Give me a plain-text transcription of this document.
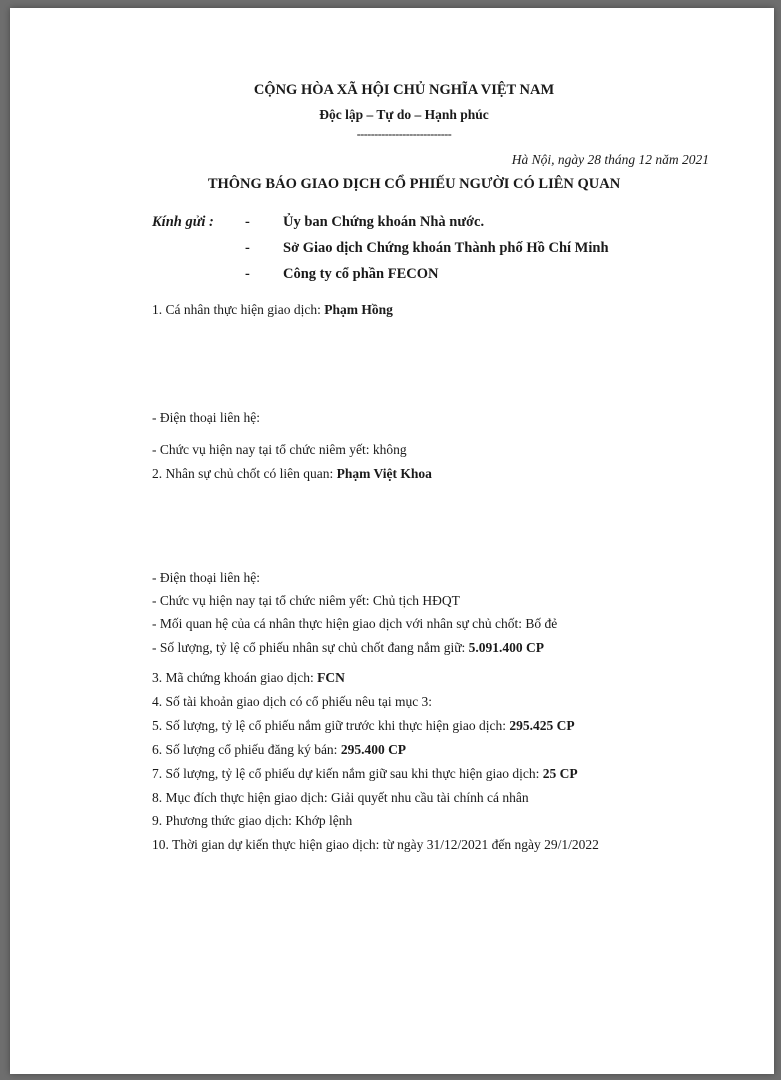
CỘNG HÒA XÃ HỘI CHỦ NGHĨA VIỆT NAM
Độc lập – Tự do – Hạnh phúc
---------------------------
Hà Nội, ngày 28 tháng 12 năm 2021
THÔNG BÁO GIAO DỊCH CỔ PHIẾU NGƯỜI CÓ LIÊN QUAN
Kính gửi : - Ủy ban Chứng khoán Nhà nước.
- Sở Giao dịch Chứng khoán Thành phố Hồ Chí Minh
- Công ty cổ phần FECON
1. Cá nhân thực hiện giao dịch: Phạm Hồng
- Điện thoại liên hệ:
- Chức vụ hiện nay tại tổ chức niêm yết: không
2. Nhân sự chủ chốt có liên quan: Phạm Việt Khoa
- Điện thoại liên hệ:
- Chức vụ hiện nay tại tổ chức niêm yết: Chủ tịch HĐQT
- Mối quan hệ của cá nhân thực hiện giao dịch với nhân sự chủ chốt: Bố đẻ
- Số lượng, tỷ lệ cổ phiếu nhân sự chủ chốt đang nắm giữ: 5.091.400 CP
3. Mã chứng khoán giao dịch: FCN
4. Số tài khoản giao dịch có cổ phiếu nêu tại mục 3:
5. Số lượng, tỷ lệ cổ phiếu nắm giữ trước khi thực hiện giao dịch: 295.425 CP
6. Số lượng cổ phiếu đăng ký bán: 295.400 CP
7. Số lượng, tỷ lệ cổ phiếu dự kiến nắm giữ sau khi thực hiện giao dịch: 25 CP
8. Mục đích thực hiện giao dịch: Giải quyết nhu cầu tài chính cá nhân
9. Phương thức giao dịch: Khớp lệnh
10. Thời gian dự kiến thực hiện giao dịch: từ ngày 31/12/2021 đến ngày 29/1/2022
